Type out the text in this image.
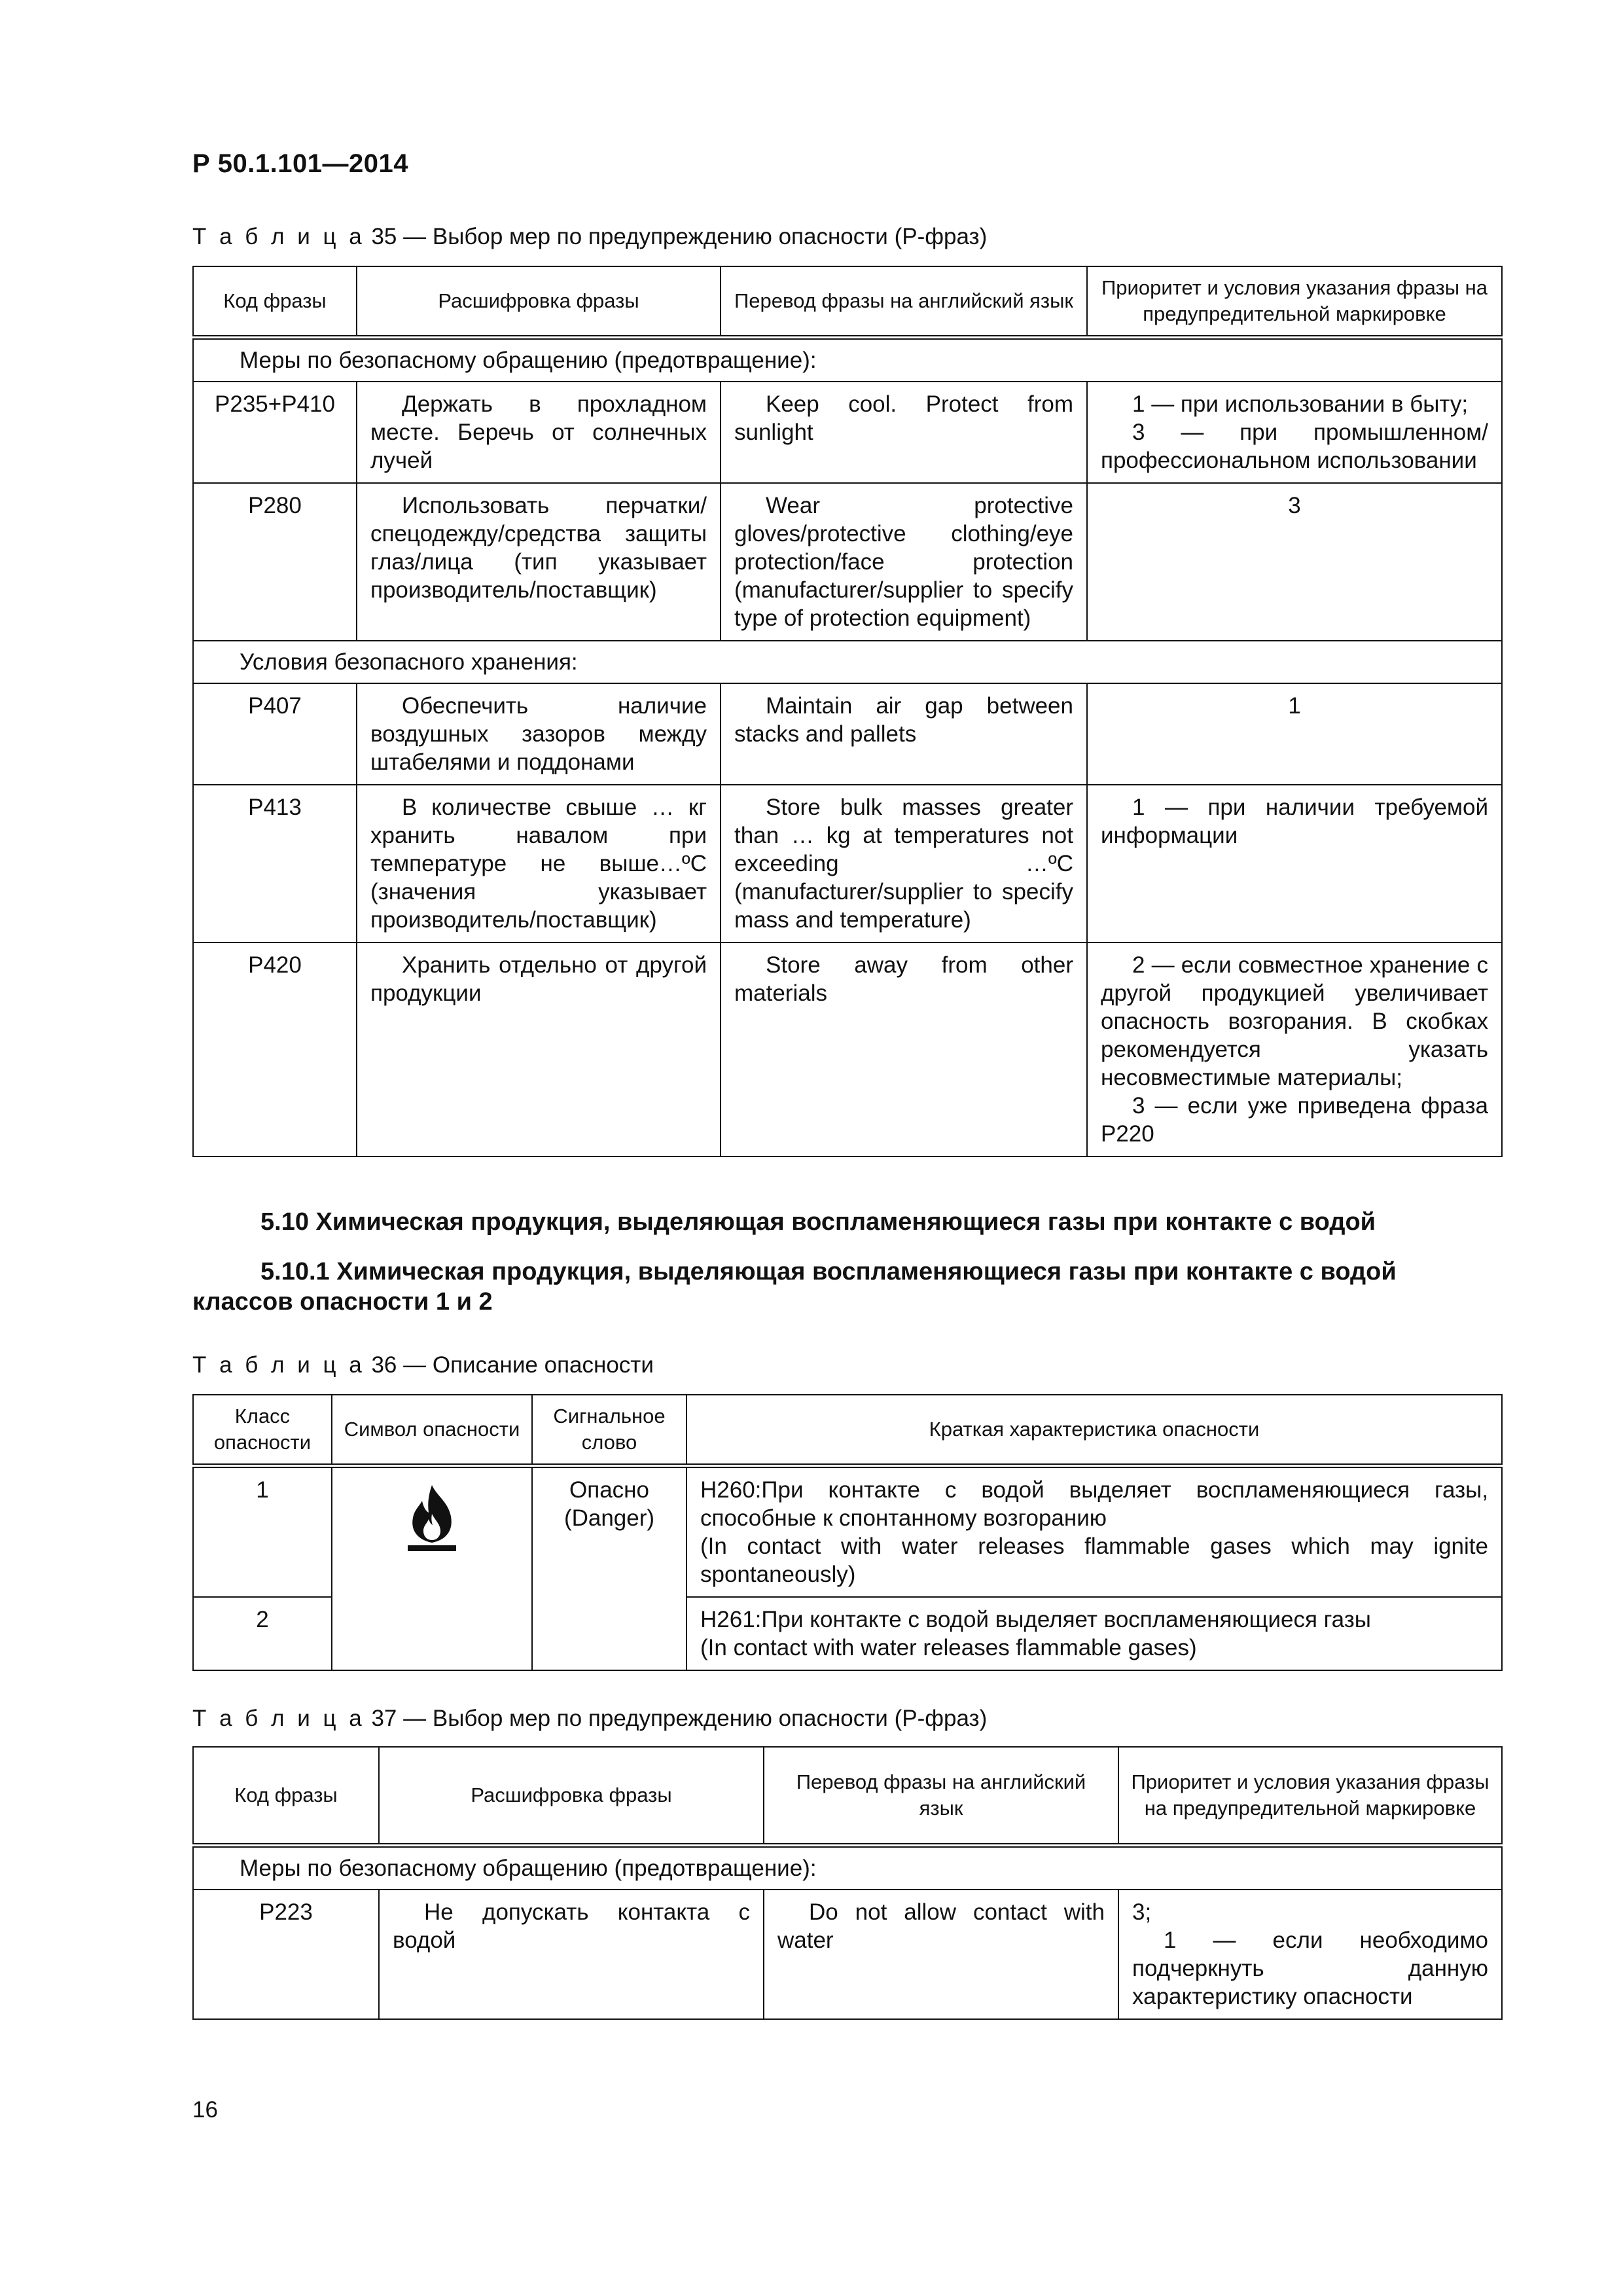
Р 50.1.101—2014
Т а б л и ц а 35 — Выбор мер по предупреждению опасности (Р-фраз)
Код фразы	Расшифровка фразы	Перевод фразы на английский язык	Приоритет и условия указания фразы на предупредительной маркировке
Меры по безопасному обращению (предотвращение):			
Р235+Р410	Держать в прохладном месте. Беречь от солнечных лучей	Keep cool. Protect from sunlight	1 — при использовании в быту;
3 — при промышленном/профессиональном использовании

Р280	Использовать перчатки/спецодежду/средства защиты глаз/лица (тип указывает производитель/поставщик)	Wear protective gloves/protective clothing/eye protection/face protection (manufacturer/supplier to specify type of protection equipment)	3
Условия безопасного хранения:			
Р407	Обеспечить наличие воздушных зазоров между штабелями и поддонами	Maintain air gap between stacks and pallets	1
Р413	В количестве свыше … кг хранить навалом при температуре не выше…ºС (значения указывает производитель/поставщик)	Store bulk masses greater than … kg at temperatures not exceeding …ºC (manufacturer/supplier to specify mass and temperature)	1 — при наличии требуемой информации
Р420	Хранить отдельно от другой продукции	Store away from other materials	2 — если совместное хранение с другой продукцией увеличивает опасность возгорания. В скобках рекомендуется указать несовместимые материалы;
3 — если уже приведена фраза Р220
5.10 Химическая продукция, выделяющая воспламеняющиеся газы при контакте с водой
5.10.1 Химическая продукция, выделяющая воспламеняющиеся газы при контакте с водой классов опасности 1 и 2
Т а б л и ц а 36 — Описание опасности
Класс опасности	Символ опасности	Сигнальное слово	Краткая характеристика опасности
1		Опасно (Danger)	Н260:При контакте с водой выделяет воспламеняющиеся газы, способные к спонтанному возгоранию
(In contact with water releases flammable gases which may ignite spontaneously)

2			Н261:При контакте с водой выделяет воспламеняющиеся газы
(In contact with water releases flammable gases)
Т а б л и ц а 37 — Выбор мер по предупреждению опасности (Р-фраз)
Код фразы	Расшифровка фразы	Перевод фразы на английский язык	Приоритет и условия указания фразы на предупредительной маркировке
Меры по безопасному обращению (предотвращение):			
Р223	Не допускать контакта с водой	Do not allow contact with water	3;
1 — если необходимо подчеркнуть данную характеристику опасности
16
